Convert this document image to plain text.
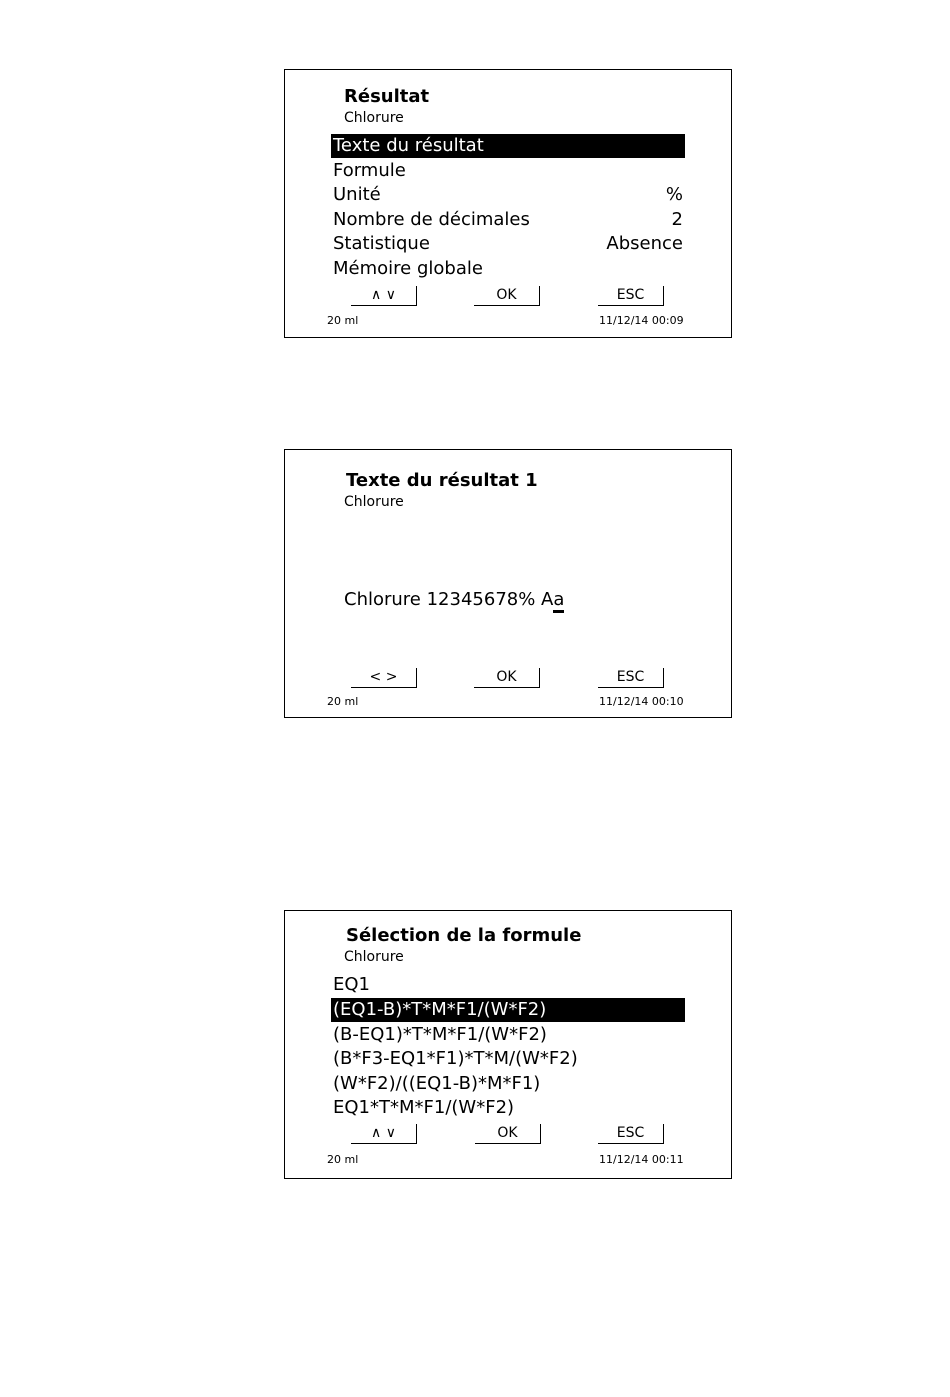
Résultat
Chlorure
Texte du résultat
Formule
Unité	%
Nombre de décimales	2
Statistique	Absence
Mémoire globale
∧ ∨	OK	ESC
20 ml	11/12/14 00:09
Texte du résultat 1
Chlorure
Chlorure 12345678% Aa
< >	OK	ESC
20 ml	11/12/14 00:10
Sélection de la formule
Chlorure
EQ1
(EQ1-B)*T*M*F1/(W*F2)
(B-EQ1)*T*M*F1/(W*F2)
(B*F3-EQ1*F1)*T*M/(W*F2)
(W*F2)/((EQ1-B)*M*F1)
EQ1*T*M*F1/(W*F2)
∧ ∨	OK	ESC
20 ml	11/12/14 00:11
